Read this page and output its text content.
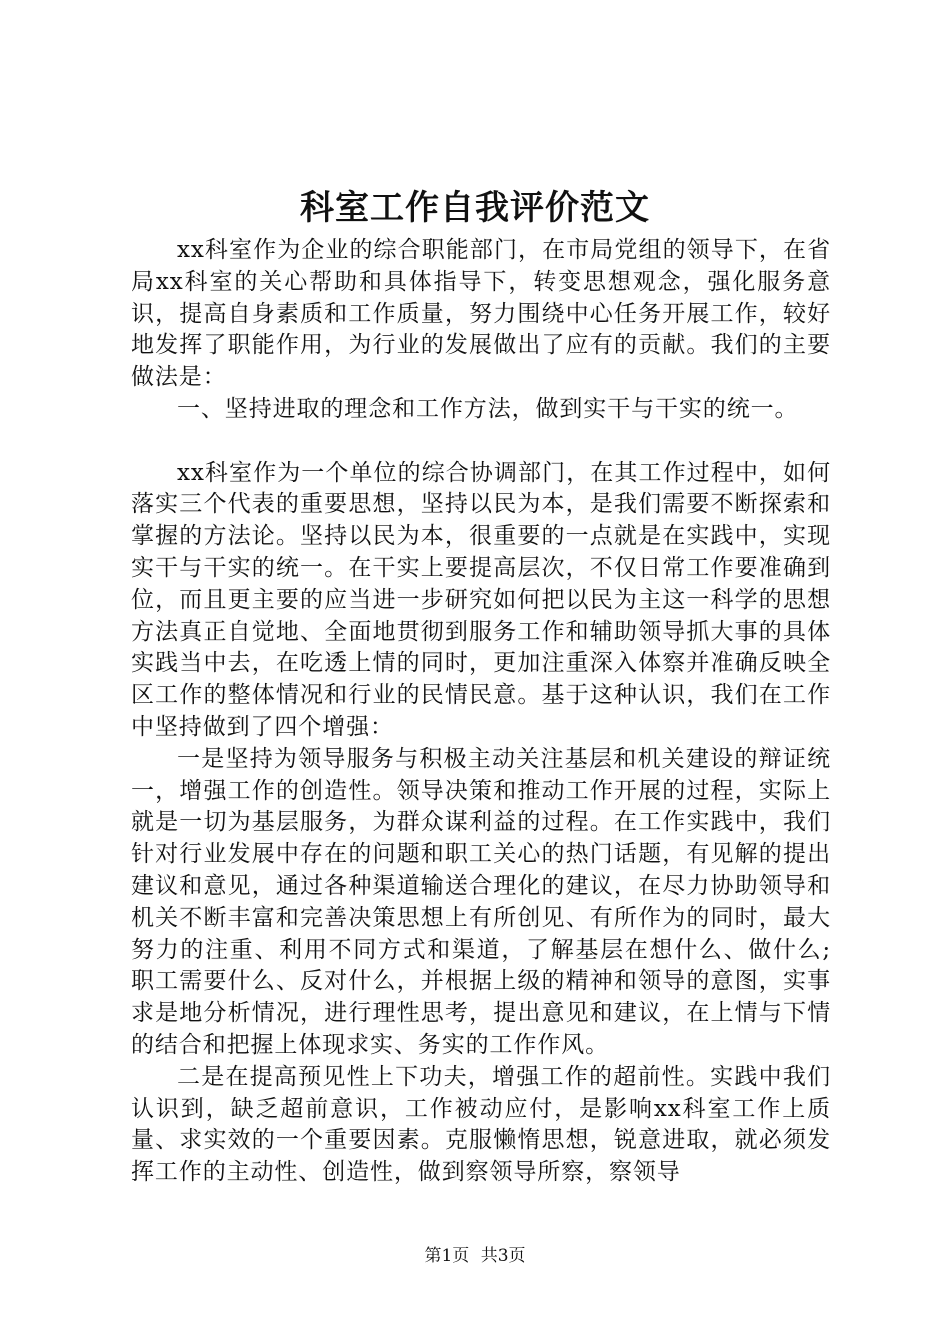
科室工作自我评价范文

xx科室作为企业的综合职能部门，在市局党组的领导下，在省局xx科室的关心帮助和具体指导下，转变思想观念，强化服务意识，提高自身素质和工作质量，努力围绕中心任务开展工作，较好地发挥了职能作用，为行业的发展做出了应有的贡献。我们的主要做法是：

一、坚持进取的理念和工作方法，做到实干与干实的统一。

xx科室作为一个单位的综合协调部门，在其工作过程中，如何落实三个代表的重要思想，坚持以民为本，是我们需要不断探索和掌握的方法论。坚持以民为本，很重要的一点就是在实践中，实现实干与干实的统一。在干实上要提高层次，不仅日常工作要准确到位，而且更主要的应当进一步研究如何把以民为主这一科学的思想方法真正自觉地、全面地贯彻到服务工作和辅助领导抓大事的具体实践当中去，在吃透上情的同时，更加注重深入体察并准确反映全区工作的整体情况和行业的民情民意。基于这种认识，我们在工作中坚持做到了四个增强：

一是坚持为领导服务与积极主动关注基层和机关建设的辩证统一，增强工作的创造性。领导决策和推动工作开展的过程，实际上就是一切为基层服务，为群众谋利益的过程。在工作实践中，我们针对行业发展中存在的问题和职工关心的热门话题，有见解的提出建议和意见，通过各种渠道输送合理化的建议，在尽力协助领导和机关不断丰富和完善决策思想上有所创见、有所作为的同时，最大努力的注重、利用不同方式和渠道，了解基层在想什么、做什么;职工需要什么、反对什么，并根据上级的精神和领导的意图，实事求是地分析情况，进行理性思考，提出意见和建议，在上情与下情的结合和把握上体现求实、务实的工作作风。

二是在提高预见性上下功夫，增强工作的超前性。实践中我们认识到，缺乏超前意识，工作被动应付，是影响xx科室工作上质量、求实效的一个重要因素。克服懒惰思想，锐意进取，就必须发挥工作的主动性、创造性，做到察领导所察，察领导

第1页 共3页
